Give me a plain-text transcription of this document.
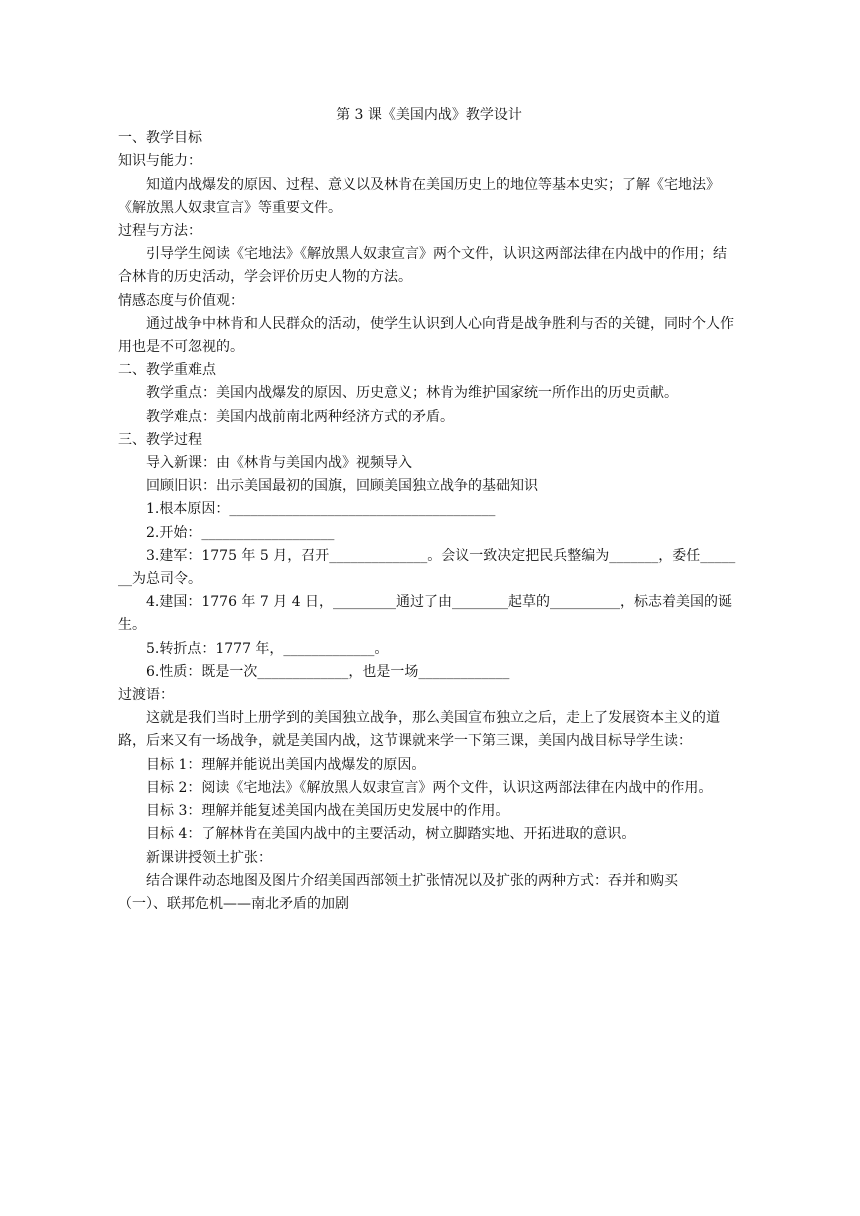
第 3 课《美国内战》教学设计

一、教学目标

知识与能力：

知道内战爆发的原因、过程、意义以及林肯在美国历史上的地位等基本史实；了解《宅地法》《解放黑人奴隶宣言》等重要文件。

过程与方法：

引导学生阅读《宅地法》《解放黑人奴隶宣言》两个文件，认识这两部法律在内战中的作用；结合林肯的历史活动，学会评价历史人物的方法。

情感态度与价值观：

通过战争中林肯和人民群众的活动，使学生认识到人心向背是战争胜利与否的关键，同时个人作用也是不可忽视的。

二、教学重难点

教学重点：美国内战爆发的原因、历史意义；林肯为维护国家统一所作出的历史贡献。

教学难点：美国内战前南北两种经济方式的矛盾。

三、教学过程

导入新课：由《林肯与美国内战》视频导入

回顾旧识：出示美国最初的国旗，回顾美国独立战争的基础知识

1.根本原因：______________________________________

2.开始：___________________

3.建军：1775 年 5 月，召开______________。会议一致决定把民兵整编为_______，委任_______为总司令。

4.建国：1776 年 7 月 4 日，_________通过了由________起草的__________，标志着美国的诞生。

5.转折点：1777 年，_____________。

6.性质：既是一次_____________，也是一场_____________

过渡语：

这就是我们当时上册学到的美国独立战争，那么美国宣布独立之后，走上了发展资本主义的道路，后来又有一场战争，就是美国内战，这节课就来学一下第三课，美国内战目标导学生读：

目标 1：理解并能说出美国内战爆发的原因。

目标 2：阅读《宅地法》《解放黑人奴隶宣言》两个文件，认识这两部法律在内战中的作用。

目标 3：理解并能复述美国内战在美国历史发展中的作用。

目标 4：了解林肯在美国内战中的主要活动，树立脚踏实地、开拓进取的意识。

新课讲授领土扩张：

结合课件动态地图及图片介绍美国西部领土扩张情况以及扩张的两种方式：吞并和购买

（一）、联邦危机——南北矛盾的加剧
